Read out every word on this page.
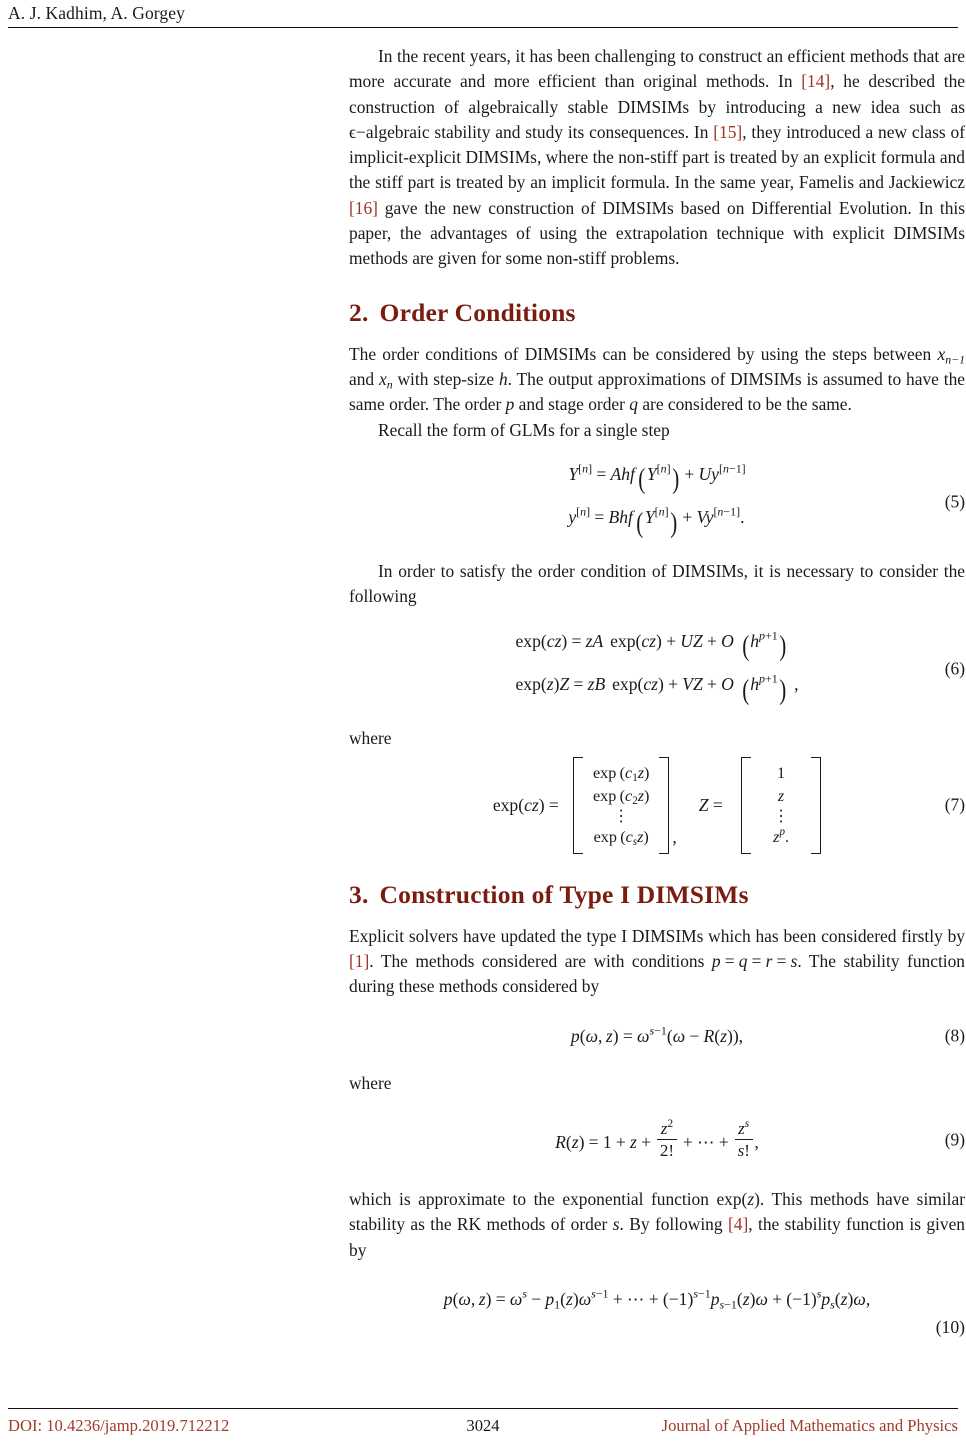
A. J. Kadhim, A. Gorgey

In the recent years, it has been challenging to construct an efficient methods that are more accurate and more efficient than original methods. In [14], he described the construction of algebraically stable DIMSIMs by introducing a new idea such as ϵ−algebraic stability and study its consequences. In [15], they introduced a new class of implicit-explicit DIMSIMs, where the non-stiff part is treated by an explicit formula and the stiff part is treated by an implicit formula. In the same year, Famelis and Jackiewicz [16] gave the new construction of DIMSIMs based on Differential Evolution. In this paper, the advantages of using the extrapolation technique with explicit DIMSIMs methods are given for some non-stiff problems.

2. Order Conditions

The order conditions of DIMSIMs can be considered by using the steps between $x_{n-1}$ and $x_n$ with step-size h. The output approximations of DIMSIMs is assumed to have the same order. The order p and stage order q are considered to be the same.

Recall the form of GLMs for a single step

Y[n] = Ahf (Y[n]) + Uy[n−1]
y[n] = Bhf (Y[n]) + Vy[n−1].
(5)

In order to satisfy the order condition of DIMSIMs, it is necessary to consider the following

exp(cz) = zA exp(cz) + UZ + O $(h^{p+1})$
exp(z)Z = zB exp(cz) + VZ + O $(h^{p+1})$ ,
(6)

where

exp(cz) =
$\exp (c_1z)$
$\exp (c_2z)$
⋮
$\exp (c_sz)$ ,
Z =
1
z
⋮
$z^p$.
(7)
3. Construction of Type I DIMSIMs

Explicit solvers have updated the type I DIMSIMs which has been considered firstly by [1]. The methods considered are with conditions p = q = r = s. The stability function during these methods considered by

p(ω, $z) = \omega^{s-1}(\omega - R(z))$,	(8)

where

$R(z) = 1 + z + \frac{z^2}{2!}$ + ⋯ + $\frac{z^s}{s!}$ ,	(9)

which is approximate to the exponential function exp(z). This methods have similar stability as the RK methods of order s. By following [4], the stability function is given by

p(ω, $z) = \omega^s - p_1(z)\omega^{s-1}$ + ⋯ + $(-1)^{s-1}p_{s-1}(z)\omega + (-1)^sp_s(z)\omega$,
(10)
DOI: 10.4236/jamp.2019.712212	3024	Journal of Applied Mathematics and Physics
